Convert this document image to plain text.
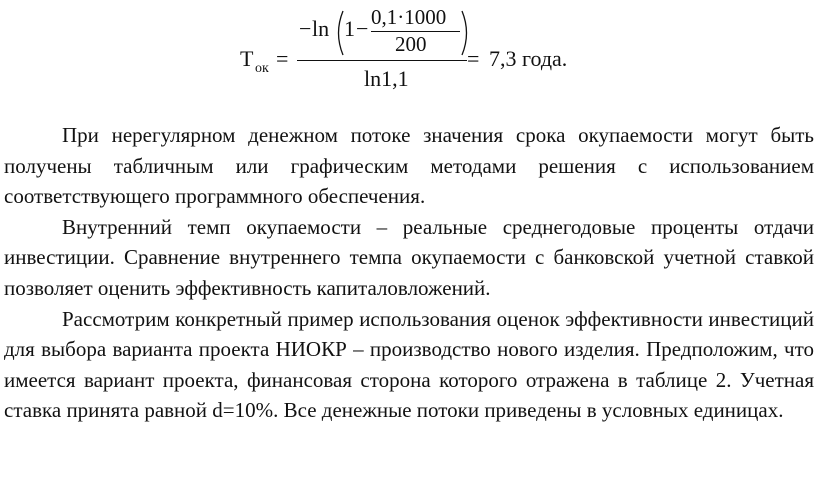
T ок =
− ln 1 − 0,1·1000
200
ln1,1
= 7,3 года.

При нерегулярном денежном потоке значения срока окупаемости могут быть получены табличным или графическим методами решения с использованием соответствующего программного обеспечения.

Внутренний темп окупаемости – реальные среднегодовые проценты отдачи инвестиции. Сравнение внутреннего темпа окупаемости с банковской учетной ставкой позволяет оценить эффективность капиталовложений.

Рассмотрим конкретный пример использования оценок эффективности инвестиций для выбора варианта проекта НИОКР – производство нового изделия. Предположим, что имеется вариант проекта, финансовая сторона которого отражена в таблице 2. Учетная ставка принята равной d=10%. Все денежные потоки приведены в условных единицах.
